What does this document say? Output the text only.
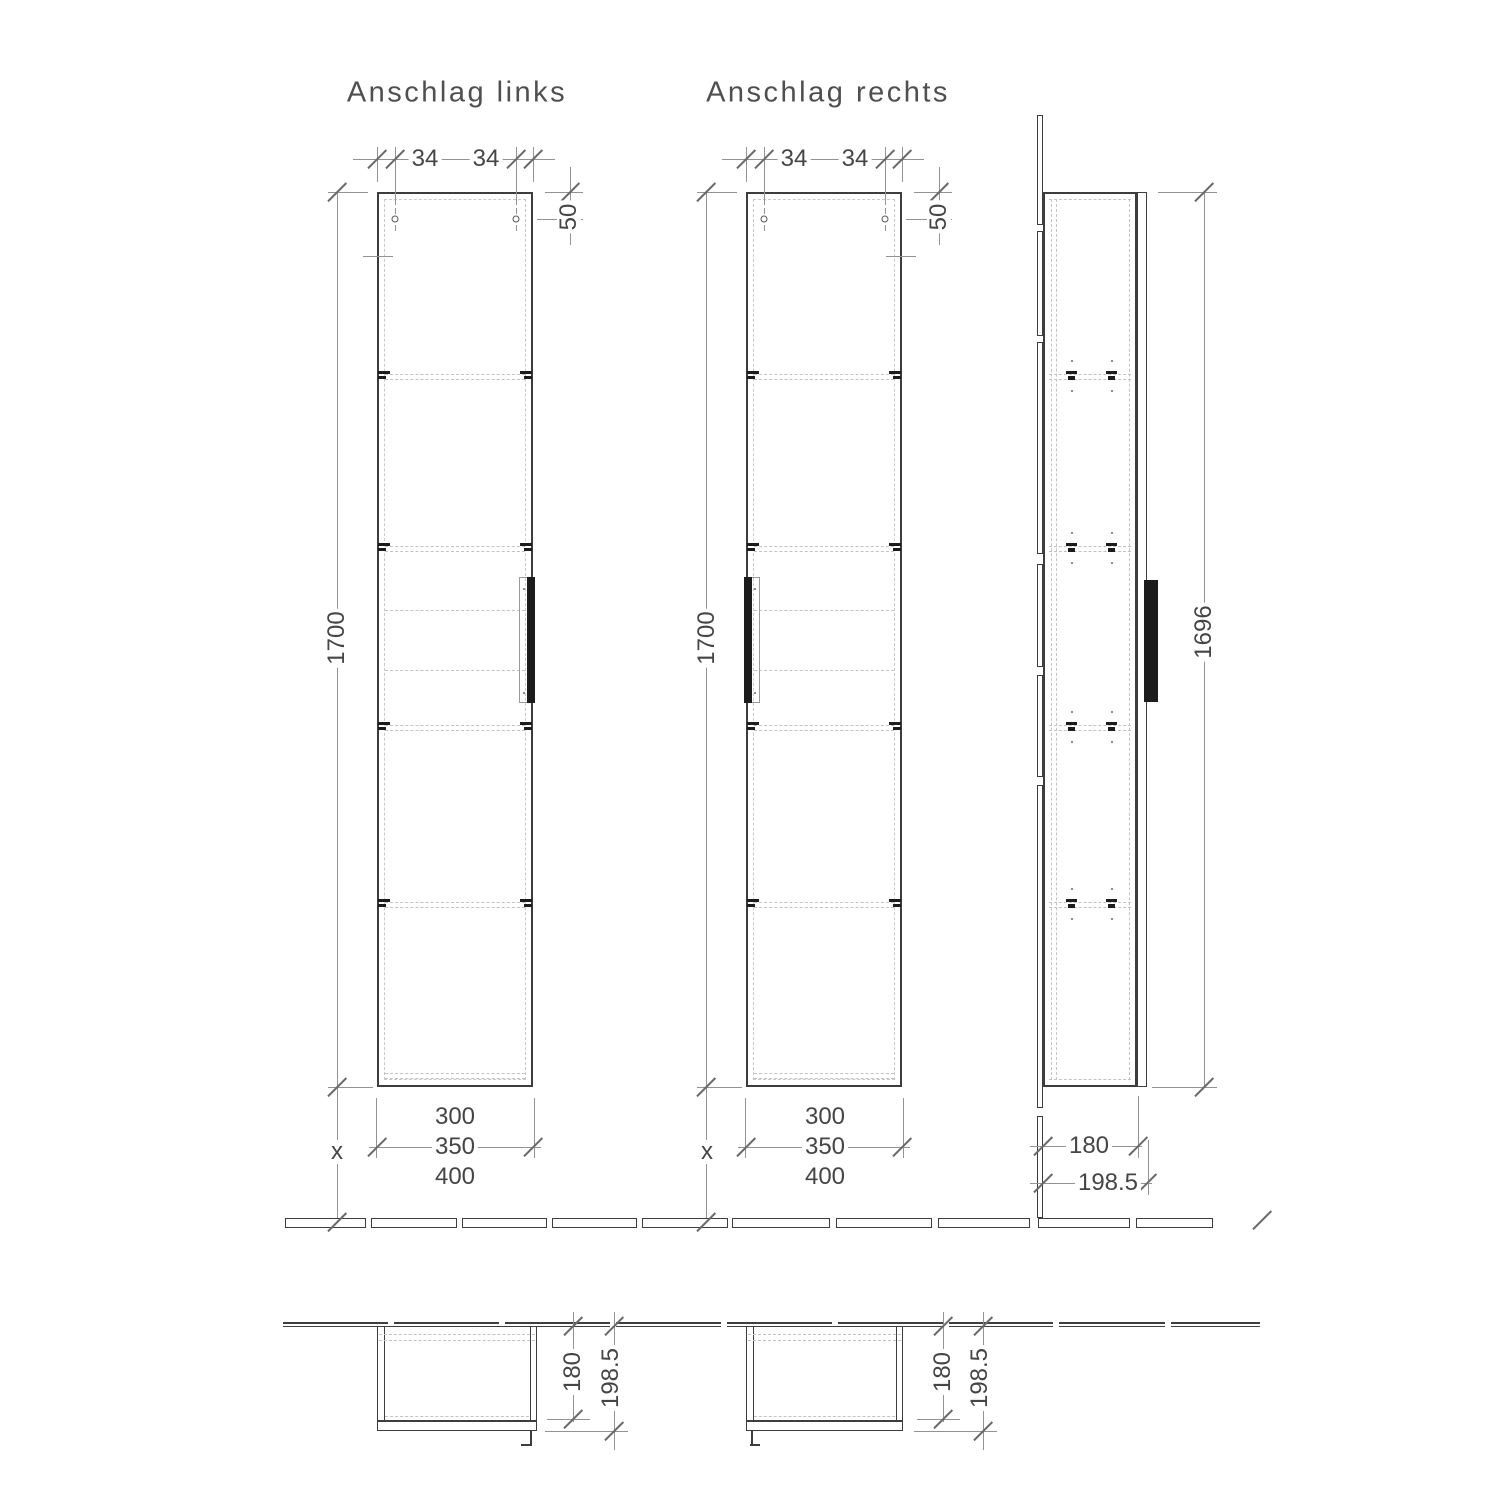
Anschlag links	Anschlag rechts
34 34
50
1700
x
300
350
400
34 34
50
1700
x
300
350
400
1696
180
198.5
180 198.5	180 198.5
